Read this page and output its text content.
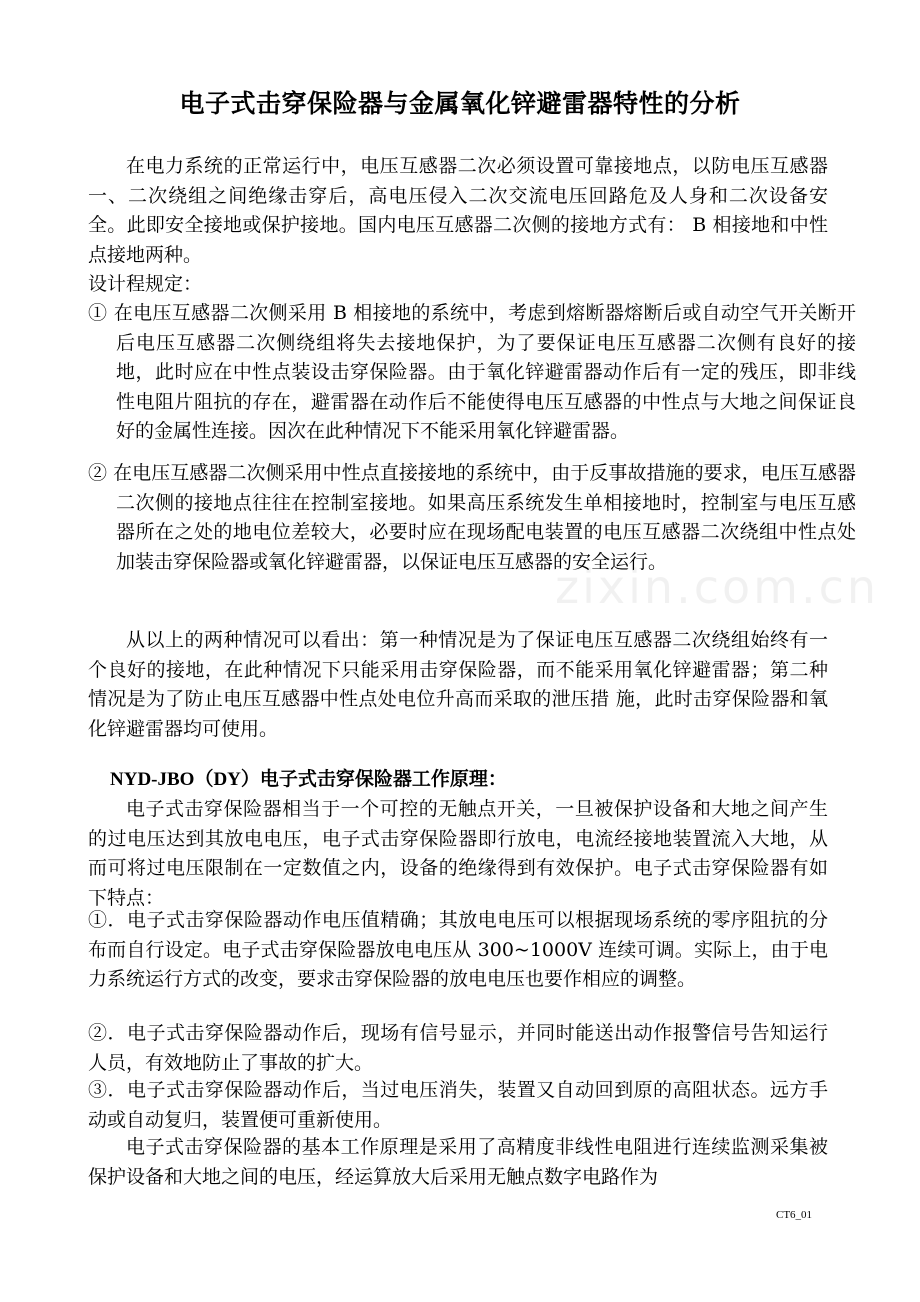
zixin.com.cn
电子式击穿保险器与金属氧化锌避雷器特性的分析

在电力系统的正常运行中，电压互感器二次必须设置可靠接地点，以防电压互感器一、二次绕组之间绝缘击穿后，高电压侵入二次交流电压回路危及人身和二次设备安全。此即安全接地或保护接地。国内电压互感器二次侧的接地方式有： B 相接地和中性点接地两种。

设计程规定：

① 在电压互感器二次侧采用 B 相接地的系统中，考虑到熔断器熔断后或自动空气开关断开后电压互感器二次侧绕组将失去接地保护，为了要保证电压互感器二次侧有良好的接地，此时应在中性点装设击穿保险器。由于氧化锌避雷器动作后有一定的残压，即非线性电阻片阻抗的存在，避雷器在动作后不能使得电压互感器的中性点与大地之间保证良好的金属性连接。因次在此种情况下不能采用氧化锌避雷器。

② 在电压互感器二次侧采用中性点直接接地的系统中，由于反事故措施的要求，电压互感器二次侧的接地点往往在控制室接地。如果高压系统发生单相接地时，控制室与电压互感器所在之处的地电位差较大，必要时应在现场配电装置的电压互感器二次绕组中性点处加装击穿保险器或氧化锌避雷器，以保证电压互感器的安全运行。

从以上的两种情况可以看出：第一种情况是为了保证电压互感器二次绕组始终有一个良好的接地，在此种情况下只能采用击穿保险器，而不能采用氧化锌避雷器；第二种情况是为了防止电压互感器中性点处电位升高而采取的泄压措 施，此时击穿保险器和氧化锌避雷器均可使用。

NYD-JBO（DY）电子式击穿保险器工作原理：

电子式击穿保险器相当于一个可控的无触点开关，一旦被保护设备和大地之间产生的过电压达到其放电电压，电子式击穿保险器即行放电，电流经接地装置流入大地，从而可将过电压限制在一定数值之内，设备的绝缘得到有效保护。电子式击穿保险器有如下特点：

①．电子式击穿保险器动作电压值精确；其放电电压可以根据现场系统的零序阻抗的分布而自行设定。电子式击穿保险器放电电压从 300~1000V 连续可调。实际上，由于电力系统运行方式的改变，要求击穿保险器的放电电压也要作相应的调整。

②．电子式击穿保险器动作后，现场有信号显示，并同时能送出动作报警信号告知运行人员，有效地防止了事故的扩大。

③．电子式击穿保险器动作后，当过电压消失，装置又自动回到原的高阻状态。远方手动或自动复归，装置便可重新使用。

电子式击穿保险器的基本工作原理是采用了高精度非线性电阻进行连续监测采集被保护设备和大地之间的电压，经运算放大后采用无触点数字电路作为

CT6_01
